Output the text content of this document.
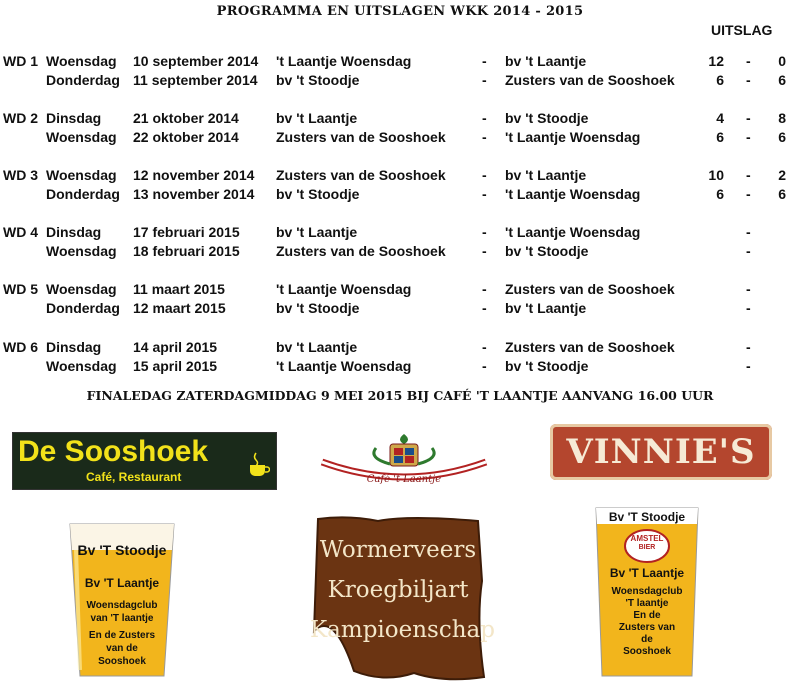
PROGRAMMA EN UITSLAGEN WKK 2014 - 2015
UITSLAG
WD 1 Woensdag 10 september 2014 't Laantje Woensdag	- bv 't Laantje	12 -	0
Donderdag 11 september 2014 bv 't Stoodje	- Zusters van de Sooshoek	6 -	6
WD 2 Dinsdag 21 oktober 2014	bv 't Laantje	- bv 't Stoodje	4 -	8
Woensdag 22 oktober 2014	Zusters van de Sooshoek	- 't Laantje Woensdag	6 -	6
WD 3 Woensdag 12 november 2014 Zusters van de Sooshoek	- bv 't Laantje	10 -	2
Donderdag 13 november 2014 bv 't Stoodje	- 't Laantje Woensdag	6 -	6
WD 4 Dinsdag 17 februari 2015	bv 't Laantje	- 't Laantje Woensdag	-
Woensdag 18 februari 2015	Zusters van de Sooshoek	- bv 't Stoodje	-
WD 5 Woensdag 11 maart 2015	't Laantje Woensdag	- Zusters van de Sooshoek	-
Donderdag 12 maart 2015	bv 't Stoodje	- bv 't Laantje	-
WD 6 Dinsdag 14 april 2015	bv 't Laantje	- Zusters van de Sooshoek	-
Woensdag 15 april 2015	't Laantje Woensdag	- bv 't Stoodje	-
FINALEDAG ZATERDAGMIDDAG 9 MEI 2015 BIJ CAFÉ 'T LAANTJE AANVANG 16.00 UUR
De Sooshoek
Café, Restaurant	Café 't Laantje
VINNIE'S
Bv 'T Stoodje
Bv 'T Laantje
Woensdagclub
van 'T laantje
En de Zusters
van de
Sooshoek
Wormerveers
Kroegbiljart
Kampioenschap
Bv 'T Stoodje
AMSTEL
BIER
Bv 'T Laantje
Woensdagclub
'T laantje
En de
Zusters van
de
Sooshoek
